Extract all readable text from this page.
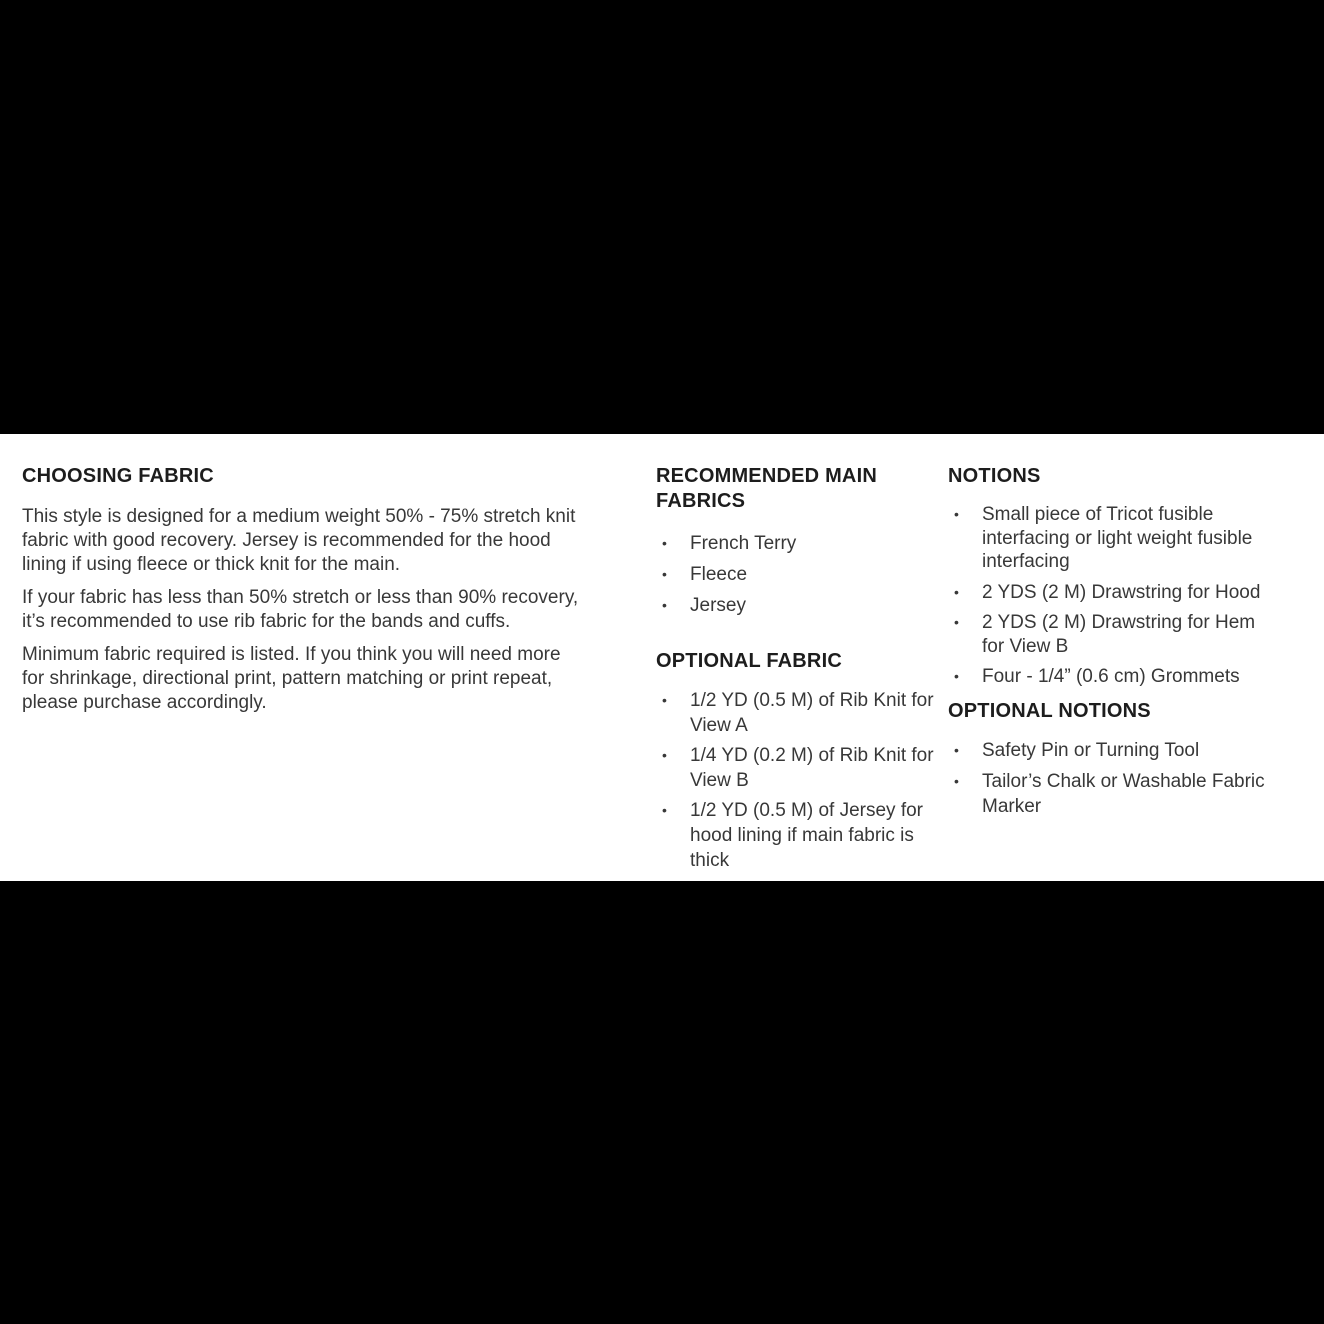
CHOOSING FABRIC

This style is designed for a medium weight 50% - 75% stretch knit fabric with good recovery. Jersey is recommended for the hood lining if using fleece or thick knit for the main.

If your fabric has less than 50% stretch or less than 90% recovery, it’s recommended to use rib fabric for the bands and cuffs.

Minimum fabric required is listed. If you think you will need more for shrinkage, directional print, pattern matching or print repeat, please purchase accordingly.

RECOMMENDED MAIN FABRICS
•	French Terry
•	Fleece
•	Jersey
OPTIONAL FABRIC
•	1/2 YD (0.5 M) of Rib Knit for View A
•	1/4 YD (0.2 M) of Rib Knit for View B
•	1/2 YD (0.5 M) of Jersey for hood lining if main fabric is thick
NOTIONS
•	Small piece of Tricot fusible interfacing or light weight fusible interfacing
•	2 YDS (2 M) Drawstring for Hood
•	2 YDS (2 M) Drawstring for Hem for View B
•	Four - 1/4” (0.6 cm) Grommets
OPTIONAL NOTIONS
•	Safety Pin or Turning Tool
•	Tailor’s Chalk or Washable Fabric Marker
